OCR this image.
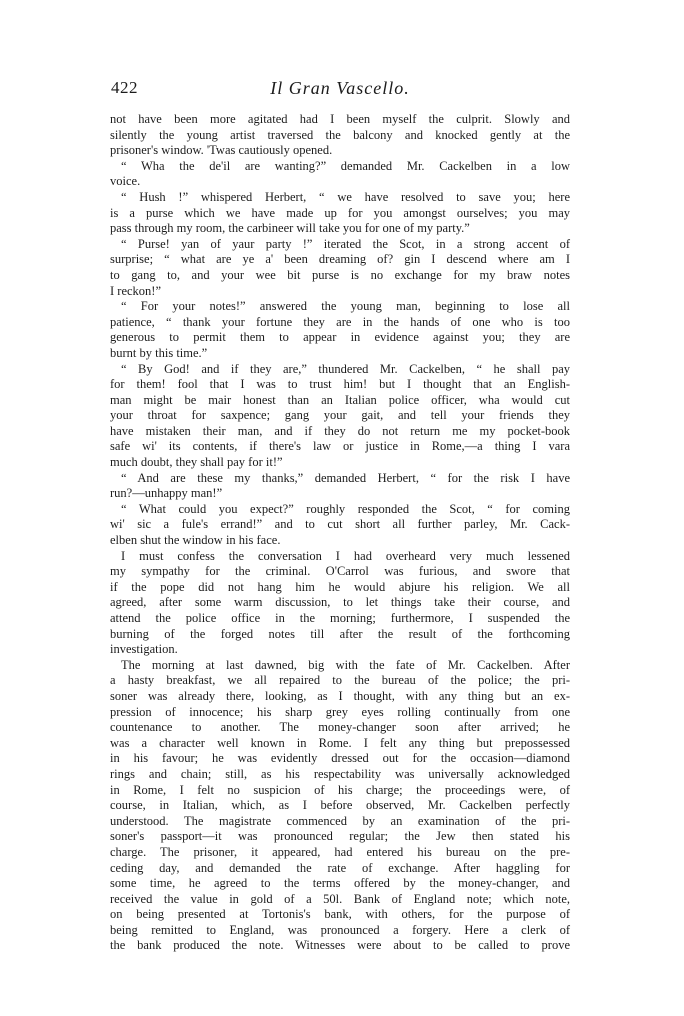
422	Il Gran Vascello.
not have been more agitated had I been myself the culprit. Slowly and
silently the young artist traversed the balcony and knocked gently at the
prisoner's window. 'Twas cautiously opened.
“ Wha the de'il are wanting?” demanded Mr. Cackelben in a low
voice.
“ Hush !” whispered Herbert, “ we have resolved to save you; here
is a purse which we have made up for you amongst ourselves; you may
pass through my room, the carbineer will take you for one of my party.”
“ Purse! yan of yaur party !” iterated the Scot, in a strong accent of
surprise; “ what are ye a' been dreaming of? gin I descend where am I
to gang to, and your wee bit purse is no exchange for my braw notes
I reckon!”
“ For your notes!” answered the young man, beginning to lose all
patience, “ thank your fortune they are in the hands of one who is too
generous to permit them to appear in evidence against you; they are
burnt by this time.”
“ By God! and if they are,” thundered Mr. Cackelben, “ he shall pay
for them! fool that I was to trust him! but I thought that an English-
man might be mair honest than an Italian police officer, wha would cut
your throat for saxpence; gang your gait, and tell your friends they
have mistaken their man, and if they do not return me my pocket-book
safe wi' its contents, if there's law or justice in Rome,—a thing I vara
much doubt, they shall pay for it!”
“ And are these my thanks,” demanded Herbert, “ for the risk I have
run?—unhappy man!”
“ What could you expect?” roughly responded the Scot, “ for coming
wi' sic a fule's errand!” and to cut short all further parley, Mr. Cack-
elben shut the window in his face.
I must confess the conversation I had overheard very much lessened
my sympathy for the criminal. O'Carrol was furious, and swore that
if the pope did not hang him he would abjure his religion. We all
agreed, after some warm discussion, to let things take their course, and
attend the police office in the morning; furthermore, I suspended the
burning of the forged notes till after the result of the forthcoming
investigation.
The morning at last dawned, big with the fate of Mr. Cackelben. After
a hasty breakfast, we all repaired to the bureau of the police; the pri-
soner was already there, looking, as I thought, with any thing but an ex-
pression of innocence; his sharp grey eyes rolling continually from one
countenance to another. The money-changer soon after arrived; he
was a character well known in Rome. I felt any thing but prepossessed
in his favour; he was evidently dressed out for the occasion—diamond
rings and chain; still, as his respectability was universally acknowledged
in Rome, I felt no suspicion of his charge; the proceedings were, of
course, in Italian, which, as I before observed, Mr. Cackelben perfectly
understood. The magistrate commenced by an examination of the pri-
soner's passport—it was pronounced regular; the Jew then stated his
charge. The prisoner, it appeared, had entered his bureau on the pre-
ceding day, and demanded the rate of exchange. After haggling for
some time, he agreed to the terms offered by the money-changer, and
received the value in gold of a 50l. Bank of England note; which note,
on being presented at Tortonis's bank, with others, for the purpose of
being remitted to England, was pronounced a forgery. Here a clerk of
the bank produced the note. Witnesses were about to be called to prove
